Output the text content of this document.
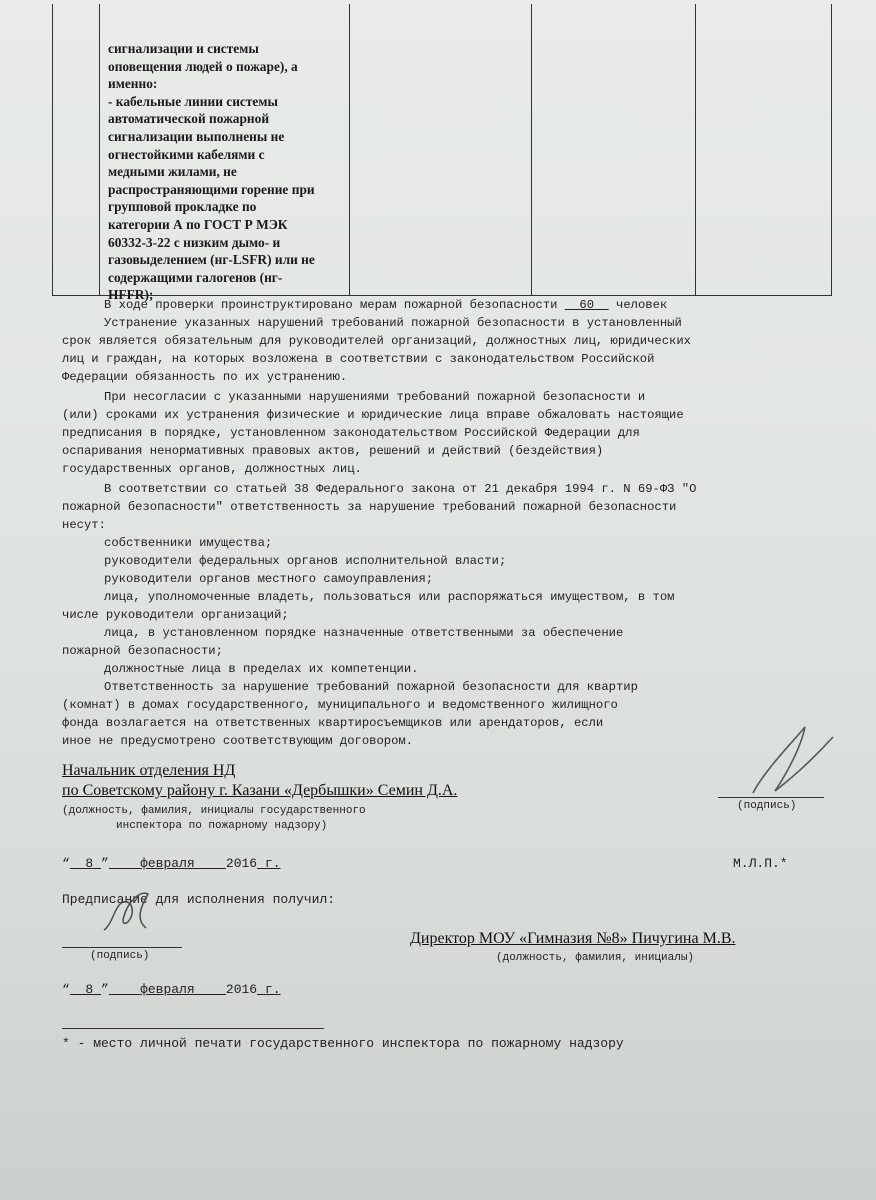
сигнализации и системы
оповещения людей о пожаре), а
именно:
- кабельные линии системы
автоматической пожарной
сигнализации выполнены не
огнестойкими кабелями с
медными жилами, не
распространяющими горение при
групповой прокладке по
категории А по ГОСТ Р МЭК
60332-3-22 с низким дымо- и
газовыделением (нг-LSFR) или не
содержащими галогенов (нг-
HFFR);
В ходе проверки проинструктировано мерам пожарной безопасности 60 человек
Устранение указанных нарушений требований пожарной безопасности в установленный
срок является обязательным для руководителей организаций, должностных лиц, юридических
лиц и граждан, на которых возложена в соответствии с законодательством Российской
Федерации обязанность по их устранению.
При несогласии с указанными нарушениями требований пожарной безопасности и
(или) сроками их устранения физические и юридические лица вправе обжаловать настоящие
предписания в порядке, установленном законодательством Российской Федерации для
оспаривания ненормативных правовых актов, решений и действий (бездействия)
государственных органов, должностных лиц.
В соответствии со статьей 38 Федерального закона от 21 декабря 1994 г. N 69-ФЗ "О
пожарной безопасности" ответственность за нарушение требований пожарной безопасности
несут:
собственники имущества;
руководители федеральных органов исполнительной власти;
руководители органов местного самоуправления;
лица, уполномоченные владеть, пользоваться или распоряжаться имуществом, в том
числе руководители организаций;
лица, в установленном порядке назначенные ответственными за обеспечение
пожарной безопасности;
должностные лица в пределах их компетенции.
Ответственность за нарушение требований пожарной безопасности для квартир
(комнат) в домах государственного, муниципального и ведомственного жилищного
фонда возлагается на ответственных квартиросъемщиков или арендаторов, если
иное не предусмотрено соответствующим договором.
Начальник отделения НД
по Советскому району г. Казани «Дербышки» Семин Д.А.
(должность, фамилия, инициалы государственного
инспектора по пожарному надзору)
(подпись)
“ 8 ” февраля 2016_г.	М.Л.П.*
Предписание для исполнения получил:
(подпись)
Директор МОУ «Гимназия №8» Пичугина М.В.
(должность, фамилия, инициалы)
“ 8 ” февраля 2016_г.
* - место личной печати государственного инспектора по пожарному надзору
